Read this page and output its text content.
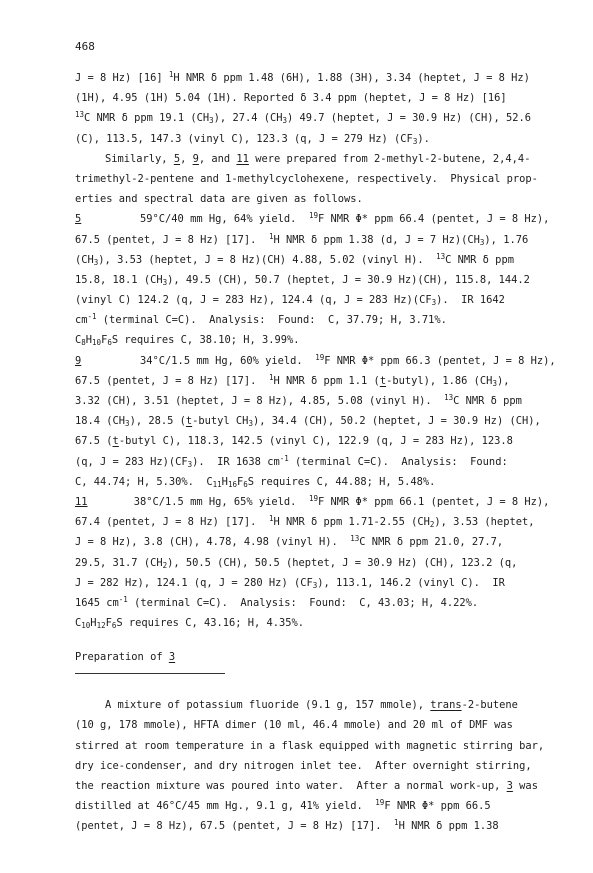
468
J = 8 Hz) [16] $^1$H NMR δ ppm 1.48 (6H), 1.88 (3H), 3.34 (heptet, J = 8 Hz)
(1H), 4.95 (1H) 5.04 (1H). Reported δ 3.4 ppm (heptet, J = 8 Hz) [16]
$^{13}$C NMR δ ppm 19.1 $(CH_3)$, 27.4 $(CH_3)$ 49.7 (heptet, J = 30.9 Hz) (CH), 52.6
(C), 113.5, 147.3 (vinyl C), 123.3 (q, J = 279 Hz) $(CF_3)$.
Similarly, 5, 9, and 11 were prepared from 2-methyl-2-butene, 2,4,4-
trimethyl-2-pentene and 1-methylcyclohexene, respectively.  Physical prop-
erties and spectral data are given as follows.
5	59°C/40 mm Hg, 64% yield.  $^{19}$F NMR Φ* ppm 66.4 (pentet, J = 8 Hz),
67.5 (pentet, J = 8 Hz) [17].  $^1$H NMR δ ppm 1.38 (d, J = 7 $Hz)(CH_3)$, 1.76
$(CH_3)$, 3.53 (heptet, J = 8 Hz)(CH) 4.88, 5.02 (vinyl H).  $^{13}$C NMR δ ppm
15.8, 18.1 $(CH_3)$, 49.5 (CH), 50.7 (heptet, J = 30.9 Hz)(CH), 115.8, 144.2
(vinyl C) 124.2 (q, J = 283 Hz), 124.4 (q, J = 283 $Hz)(CF_3)$.  IR 1642
$cm^{-1}$ (terminal C=C).  Analysis:  Found:  C, 37.79; H, 3.71%.
$C_8H_{10}F_6S$ requires C, 38.10; H, 3.99%.
9	34°C/1.5 mm Hg, 60% yield.  $^{19}$F NMR Φ* ppm 66.3 (pentet, J = 8 Hz),
67.5 (pentet, J = 8 Hz) [17].  $^1$H NMR δ ppm 1.1 (t-butyl), 1.86 $(CH_3)$,
3.32 (CH), 3.51 (heptet, J = 8 Hz), 4.85, 5.08 (vinyl H).  $^{13}$C NMR δ ppm
18.4 $(CH_3)$, 28.5 (t-butyl $CH_3$), 34.4 (CH), 50.2 (heptet, J = 30.9 Hz) (CH),
67.5 (t-butyl C), 118.3, 142.5 (vinyl C), 122.9 (q, J = 283 Hz), 123.8
(q, J = 283 $Hz)(CF_3)$.  IR 1638 $cm^{-1}$ (terminal C=C).  Analysis:  Found:
C, 44.74; H, 5.30%.  $C_{11}H_{16}F_6S$ requires C, 44.88; H, 5.48%.
11	38°C/1.5 mm Hg, 65% yield.  $^{19}$F NMR Φ* ppm 66.1 (pentet, J = 8 Hz),
67.4 (pentet, J = 8 Hz) [17].  $^1$H NMR δ ppm 1.71-2.55 $(CH_2)$, 3.53 (heptet,
J = 8 Hz), 3.8 (CH), 4.78, 4.98 (vinyl H).  $^{13}$C NMR δ ppm 21.0, 27.7,
29.5, 31.7 $(CH_2)$, 50.5 (CH), 50.5 (heptet, J = 30.9 Hz) (CH), 123.2 (q,
J = 282 Hz), 124.1 (q, J = 280 Hz) $(CF_3)$, 113.1, 146.2 (vinyl C).  IR
1645 $cm^{-1}$ (terminal C=C).  Analysis:  Found:  C, 43.03; H, 4.22%.
$C_{10}H_{12}F_6S$ requires C, 43.16; H, 4.35%.
Preparation of 3
A mixture of potassium fluoride (9.1 g, 157 mmole), trans-2-butene
(10 g, 178 mmole), HFTA dimer (10 ml, 46.4 mmole) and 20 ml of DMF was
stirred at room temperature in a flask equipped with magnetic stirring bar,
dry ice-condenser, and dry nitrogen inlet tee.  After overnight stirring,
the reaction mixture was poured into water.  After a normal work-up, 3 was
distilled at 46°C/45 mm Hg., 9.1 g, 41% yield.  $^{19}$F NMR Φ* ppm 66.5
(pentet, J = 8 Hz), 67.5 (pentet, J = 8 Hz) [17].  $^1$H NMR δ ppm 1.38
